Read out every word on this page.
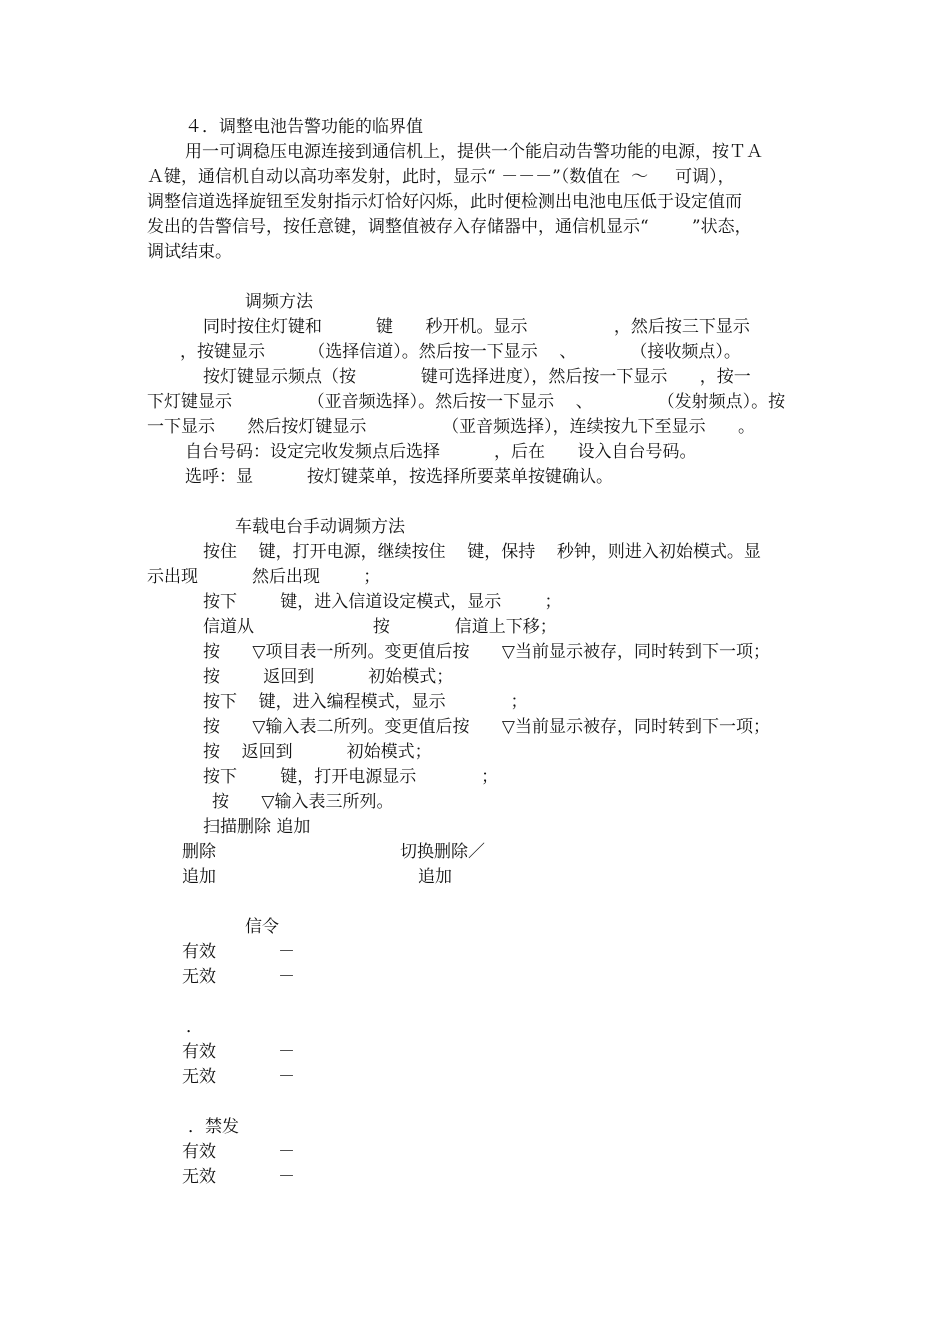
４．调整电池告警功能的临界值
用一可调稳压电源连接到通信机上，提供一个能启动告警功能的电源，按ＴＡ
Ａ键，通信机自动以高功率发射，此时，显示“ －－－”（数值在  ～     可调），
调整信道选择旋钮至发射指示灯恰好闪烁，此时便检测出电池电压低于设定值而
发出的告警信号，按任意键，调整值被存入存储器中，通信机显示“        ”状态，
调试结束。
调频方法
同时按住灯键和          键      秒开机。显示                ，然后按三下显示
，按键显示        （选择信道）。然后按一下显示    、          （接收频点）。
按灯键显示频点（按            键可选择进度），然后按一下显示      ，按一
下灯键显示              （亚音频选择）。然后按一下显示    、            （发射频点）。按
一下显示      然后按灯键显示              （亚音频选择），连续按九下至显示      。
自台号码：设定完收发频点后选择          ，后在      设入自台号码。
选呼：显          按灯键菜单，按选择所要菜单按键确认。
车载电台手动调频方法
按住    键，打开电源，继续按住    键，保持    秒钟，则进入初始模式。显
示出现          然后出现        ；
按下        键，进入信道设定模式，显示        ；
信道从                      按            信道上下移；
按      ▽项目表一所列。变更值后按      ▽当前显示被存，同时转到下一项；
按        返回到          初始模式；
按下    键，进入编程模式，显示            ；
按      ▽输入表二所列。变更值后按      ▽当前显示被存，同时转到下一项；
按    返回到          初始模式；
按下        键，打开电源显示            ；
按      ▽输入表三所列。
扫描删除 追加
删除	切换删除／
追加	追加
信令
有效	－
无效	－
．
有效	－
无效	－
．禁发
有效	－
无效	－
